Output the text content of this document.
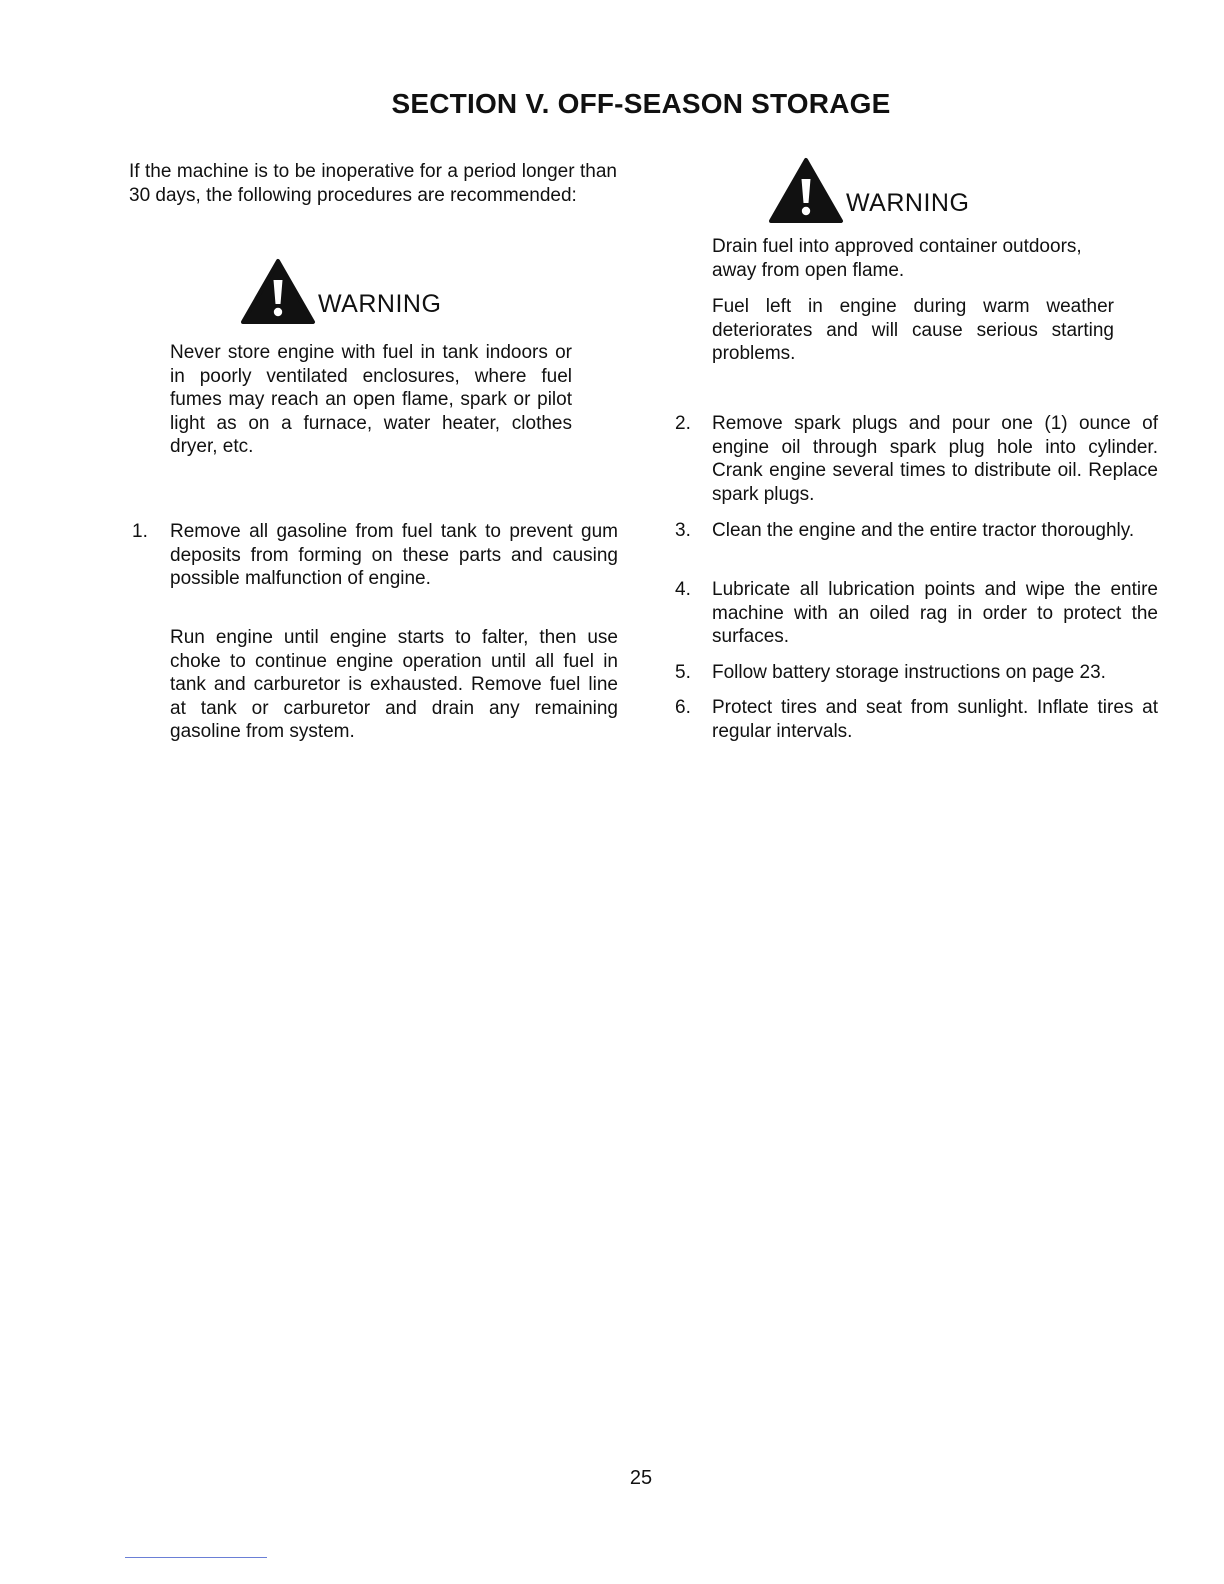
SECTION V. OFF-SEASON STORAGE

If the machine is to be inoperative for a period longer than 30 days, the following procedures are recommended:

WARNING

Never store engine with fuel in tank indoors or in poorly ventilated enclosures, where fuel fumes may reach an open flame, spark or pilot light as on a furnace, water heater, clothes dryer, etc.

1. Remove all gasoline from fuel tank to prevent gum deposits from forming on these parts and causing possible malfunction of engine.

Run engine until engine starts to falter, then use choke to continue engine operation until all fuel in tank and carburetor is exhausted. Remove fuel line at tank or carburetor and drain any remaining gasoline from system.

WARNING

Drain fuel into approved container outdoors, away from open flame.

Fuel left in engine during warm weather deteriorates and will cause serious starting problems.

2. Remove spark plugs and pour one (1) ounce of engine oil through spark plug hole into cylinder. Crank engine several times to distribute oil. Replace spark plugs.

3. Clean the engine and the entire tractor thoroughly.

4. Lubricate all lubrication points and wipe the entire machine with an oiled rag in order to protect the surfaces.

5. Follow battery storage instructions on page 23.

6. Protect tires and seat from sunlight. Inflate tires at regular intervals.

25
